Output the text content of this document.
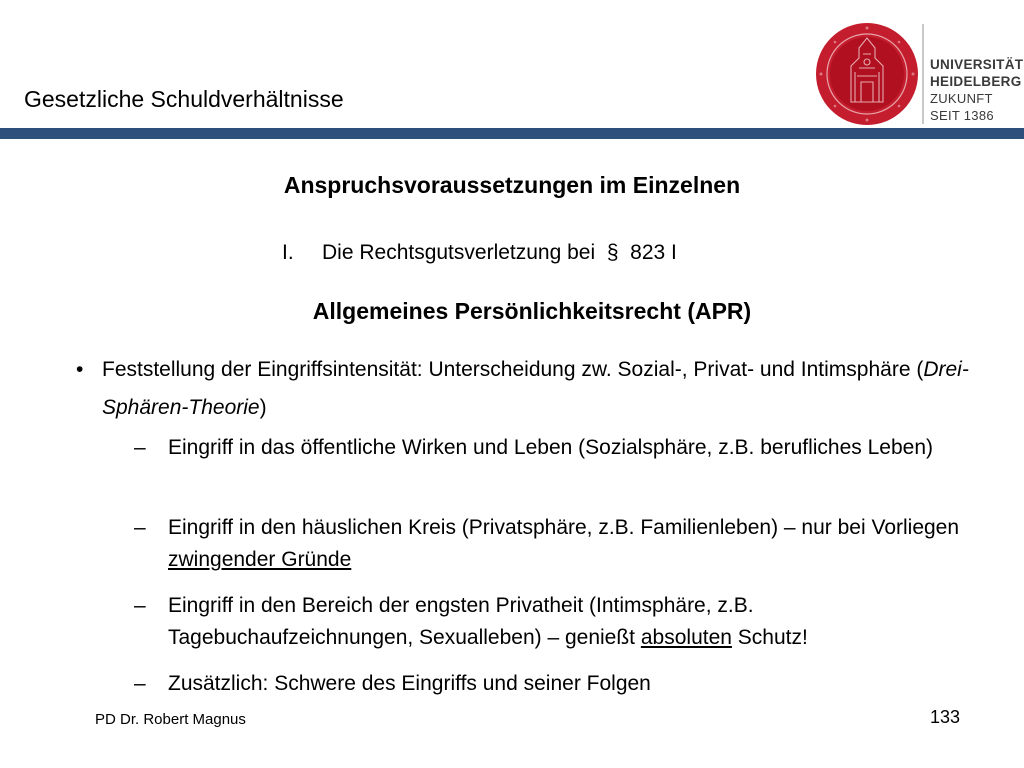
Gesetzliche Schuldverhältnisse
UNIVERSITÄT
HEIDELBERG
ZUKUNFT
SEIT 1386
Anspruchsvoraussetzungen im Einzelnen
I. Die Rechtsgutsverletzung bei  §  823 I
Allgemeines Persönlichkeitsrecht (APR)
• Feststellung der Eingriffsintensität: Unterscheidung zw. Sozial-, Privat- und Intimsphäre (Drei-Sphären-Theorie)
– Eingriff in das öffentliche Wirken und Leben (Sozialsphäre, z.B. berufliches Leben)
– Eingriff in den häuslichen Kreis (Privatsphäre, z.B. Familienleben) – nur bei Vorliegen zwingender Gründe
– Eingriff in den Bereich der engsten Privatheit (Intimsphäre, z.B. Tagebuchaufzeichnungen, Sexualleben) – genießt absoluten Schutz!
– Zusätzlich: Schwere des Eingriffs und seiner Folgen
PD Dr. Robert Magnus	133
